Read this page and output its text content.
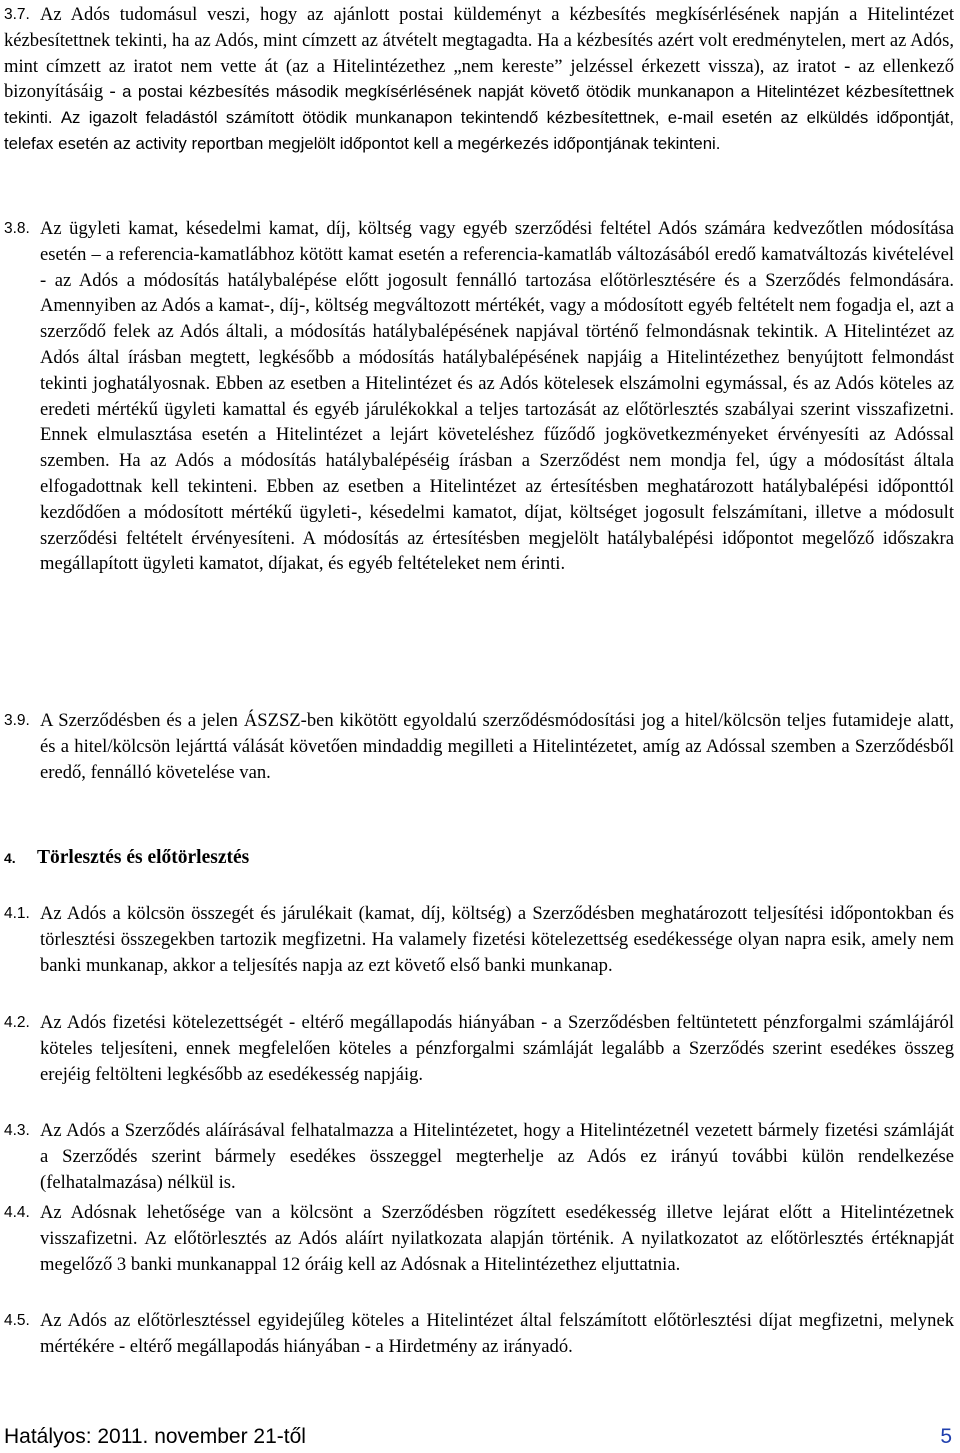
3.7. Az Adós tudomásul veszi, hogy az ajánlott postai küldeményt a kézbesítés megkísérlésének napján a Hitelintézet kézbesítettnek tekinti, ha az Adós, mint címzett az átvételt megtagadta. Ha a kézbesítés azért volt eredménytelen, mert az Adós, mint címzett az iratot nem vette át (az a Hitelintézethez „nem kereste” jelzéssel érkezett vissza), az iratot - az ellenkező bizonyításáig - a postai kézbesítés második megkísérlésének napját követő ötödik munkanapon a Hitelintézet kézbesítettnek tekinti. Az igazolt feladástól számított ötödik munkanapon tekintendő kézbesítettnek, e-mail esetén az elküldés időpontját, telefax esetén az activity reportban megjelölt időpontot kell a megérkezés időpontjának tekinteni.
3.8. Az ügyleti kamat, késedelmi kamat, díj, költség vagy egyéb szerződési feltétel Adós számára kedvezőtlen módosítása esetén – a referencia-kamatlábhoz kötött kamat esetén a referencia-kamatláb változásából eredő kamatváltozás kivételével - az Adós a módosítás hatálybalépése előtt jogosult fennálló tartozása előtörlesztésére és a Szerződés felmondására. Amennyiben az Adós a kamat-, díj-, költség megváltozott mértékét, vagy a módosított egyéb feltételt nem fogadja el, azt a szerződő felek az Adós általi, a módosítás hatálybalépésének napjával történő felmondásnak tekintik. A Hitelintézet az Adós által írásban megtett, legkésőbb a módosítás hatálybalépésének napjáig a Hitelintézethez benyújtott felmondást tekinti joghatályosnak. Ebben az esetben a Hitelintézet és az Adós kötelesek elszámolni egymással, és az Adós köteles az eredeti mértékű ügyleti kamattal és egyéb járulékokkal a teljes tartozását az előtörlesztés szabályai szerint visszafizetni. Ennek elmulasztása esetén a Hitelintézet a lejárt követeléshez fűződő jogkövetkezményeket érvényesíti az Adóssal szemben. Ha az Adós a módosítás hatálybalépéséig írásban a Szerződést nem mondja fel, úgy a módosítást általa elfogadottnak kell tekinteni. Ebben az esetben a Hitelintézet az értesítésben meghatározott hatálybalépési időponttól kezdődően a módosított mértékű ügyleti-, késedelmi kamatot, díjat, költséget jogosult felszámítani, illetve a módosult szerződési feltételt érvényesíteni. A módosítás az értesítésben megjelölt hatálybalépési időpontot megelőző időszakra megállapított ügyleti kamatot, díjakat, és egyéb feltételeket nem érinti.
3.9. A Szerződésben és a jelen ÁSZSZ-ben kikötött egyoldalú szerződésmódosítási jog a hitel/kölcsön teljes futamideje alatt, és a hitel/kölcsön lejárttá válását követően mindaddig megilleti a Hitelintézetet, amíg az Adóssal szemben a Szerződésből eredő, fennálló követelése van.
4. Törlesztés és előtörlesztés
4.1. Az Adós a kölcsön összegét és járulékait (kamat, díj, költség) a Szerződésben meghatározott teljesítési időpontokban és törlesztési összegekben tartozik megfizetni. Ha valamely fizetési kötelezettség esedékessége olyan napra esik, amely nem banki munkanap, akkor a teljesítés napja az ezt követő első banki munkanap.
4.2. Az Adós fizetési kötelezettségét - eltérő megállapodás hiányában - a Szerződésben feltüntetett pénzforgalmi számlájáról köteles teljesíteni, ennek megfelelően köteles a pénzforgalmi számláját legalább a Szerződés szerint esedékes összeg erejéig feltölteni legkésőbb az esedékesség napjáig.
4.3. Az Adós a Szerződés aláírásával felhatalmazza a Hitelintézetet, hogy a Hitelintézetnél vezetett bármely fizetési számláját a Szerződés szerint bármely esedékes összeggel megterhelje az Adós ez irányú további külön rendelkezése (felhatalmazása) nélkül is.
4.4. Az Adósnak lehetősége van a kölcsönt a Szerződésben rögzített esedékesség illetve lejárat előtt a Hitelintézetnek visszafizetni. Az előtörlesztés az Adós aláírt nyilatkozata alapján történik. A nyilatkozatot az előtörlesztés értéknapját megelőző 3 banki munkanappal 12 óráig kell az Adósnak a Hitelintézethez eljuttatnia.
4.5. Az Adós az előtörlesztéssel egyidejűleg köteles a Hitelintézet által felszámított előtörlesztési díjat megfizetni, melynek mértékére - eltérő megállapodás hiányában - a Hirdetmény az irányadó.
Hatályos: 2011. november 21-től	5
